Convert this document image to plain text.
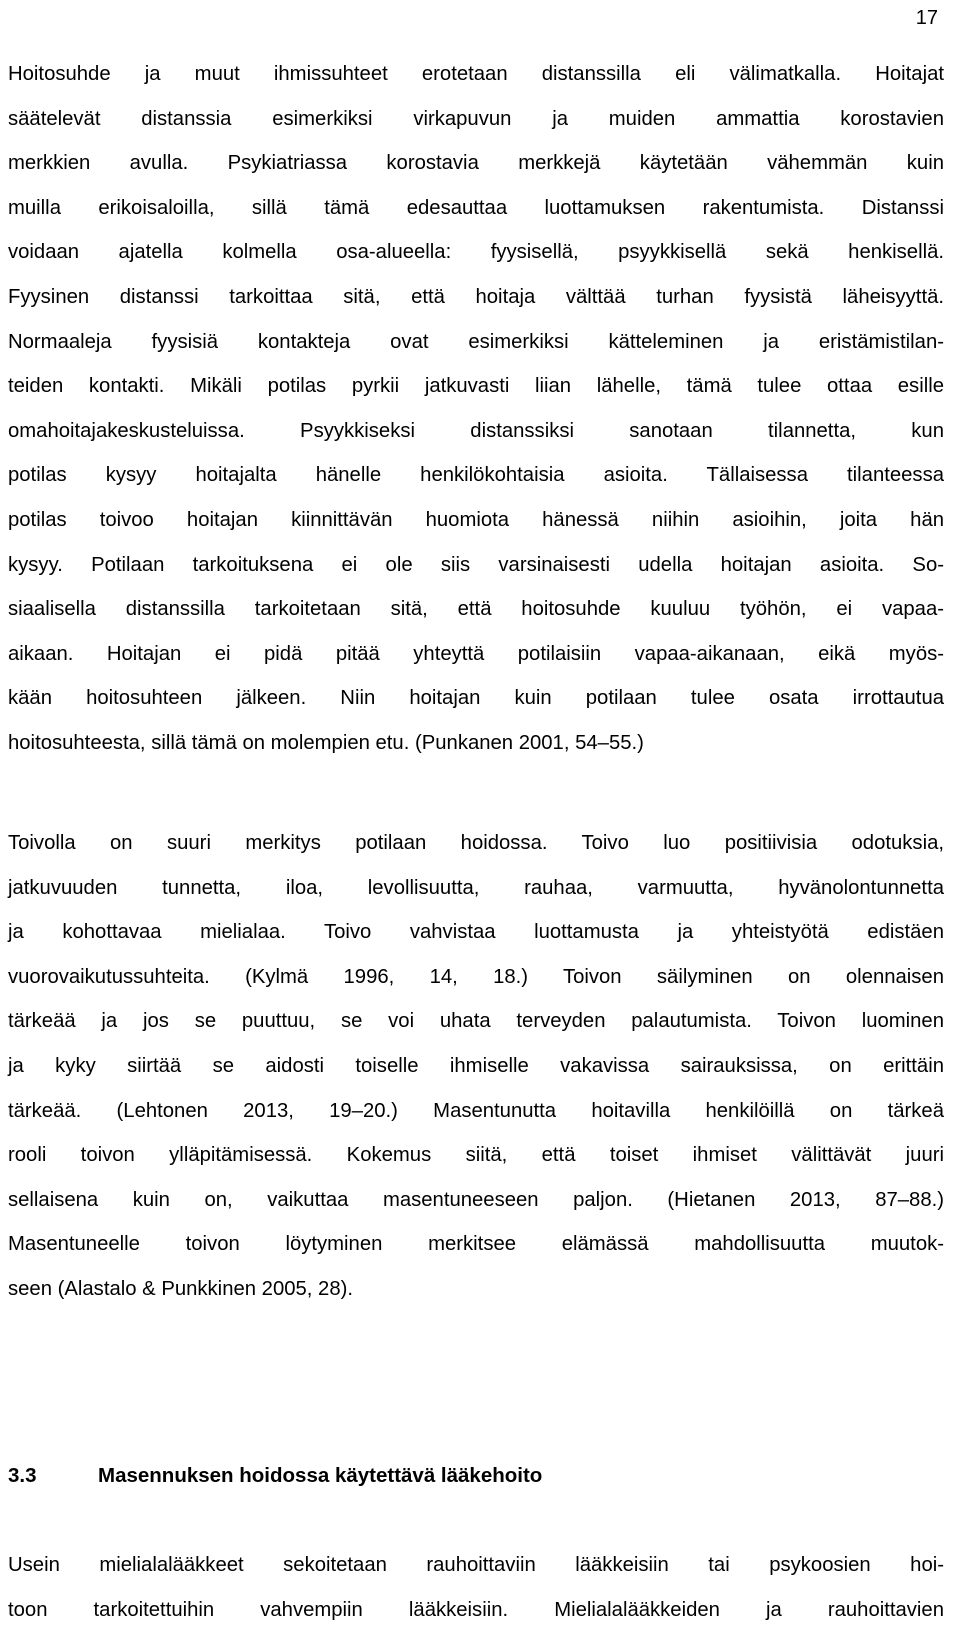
17
Hoitosuhde ja muut ihmissuhteet erotetaan distanssilla eli välimatkalla. Hoitajat
säätelevät distanssia esimerkiksi virkapuvun ja muiden ammattia korostavien
merkkien avulla. Psykiatriassa korostavia merkkejä käytetään vähemmän kuin
muilla erikoisaloilla, sillä tämä edesauttaa luottamuksen rakentumista. Distanssi
voidaan ajatella kolmella osa-alueella: fyysisellä, psyykkisellä sekä henkisellä.
Fyysinen distanssi tarkoittaa sitä, että hoitaja välttää turhan fyysistä läheisyyttä.
Normaaleja fyysisiä kontakteja ovat esimerkiksi kätteleminen ja eristämistilan-
teiden kontakti. Mikäli potilas pyrkii jatkuvasti liian lähelle, tämä tulee ottaa esille
omahoitajakeskusteluissa. Psyykkiseksi distanssiksi sanotaan tilannetta, kun
potilas kysyy hoitajalta hänelle henkilökohtaisia asioita. Tällaisessa tilanteessa
potilas toivoo hoitajan kiinnittävän huomiota hänessä niihin asioihin, joita hän
kysyy. Potilaan tarkoituksena ei ole siis varsinaisesti udella hoitajan asioita. So-
siaalisella distanssilla tarkoitetaan sitä, että hoitosuhde kuuluu työhön, ei vapaa-
aikaan. Hoitajan ei pidä pitää yhteyttä potilaisiin vapaa-aikanaan, eikä myös-
kään hoitosuhteen jälkeen. Niin hoitajan kuin potilaan tulee osata irrottautua
hoitosuhteesta, sillä tämä on molempien etu. (Punkanen 2001, 54–55.)
Toivolla on suuri merkitys potilaan hoidossa. Toivo luo positiivisia odotuksia,
jatkuvuuden tunnetta, iloa, levollisuutta, rauhaa, varmuutta, hyvänolontunnetta
ja kohottavaa mielialaa. Toivo vahvistaa luottamusta ja yhteistyötä edistäen
vuorovaikutussuhteita. (Kylmä 1996, 14, 18.) Toivon säilyminen on olennaisen
tärkeää ja jos se puuttuu, se voi uhata terveyden palautumista. Toivon luominen
ja kyky siirtää se aidosti toiselle ihmiselle vakavissa sairauksissa, on erittäin
tärkeää. (Lehtonen 2013, 19–20.) Masentunutta hoitavilla henkilöillä on tärkeä
rooli toivon ylläpitämisessä. Kokemus siitä, että toiset ihmiset välittävät juuri
sellaisena kuin on, vaikuttaa masentuneeseen paljon. (Hietanen 2013, 87–88.)
Masentuneelle toivon löytyminen merkitsee elämässä mahdollisuutta muutok-
seen (Alastalo & Punkkinen 2005, 28).
3.3	Masennuksen hoidossa käytettävä lääkehoito
Usein mielialalääkkeet sekoitetaan rauhoittaviin lääkkeisiin tai psykoosien hoi-
toon tarkoitettuihin vahvempiin lääkkeisiin. Mielialalääkkeiden ja rauhoittavien
